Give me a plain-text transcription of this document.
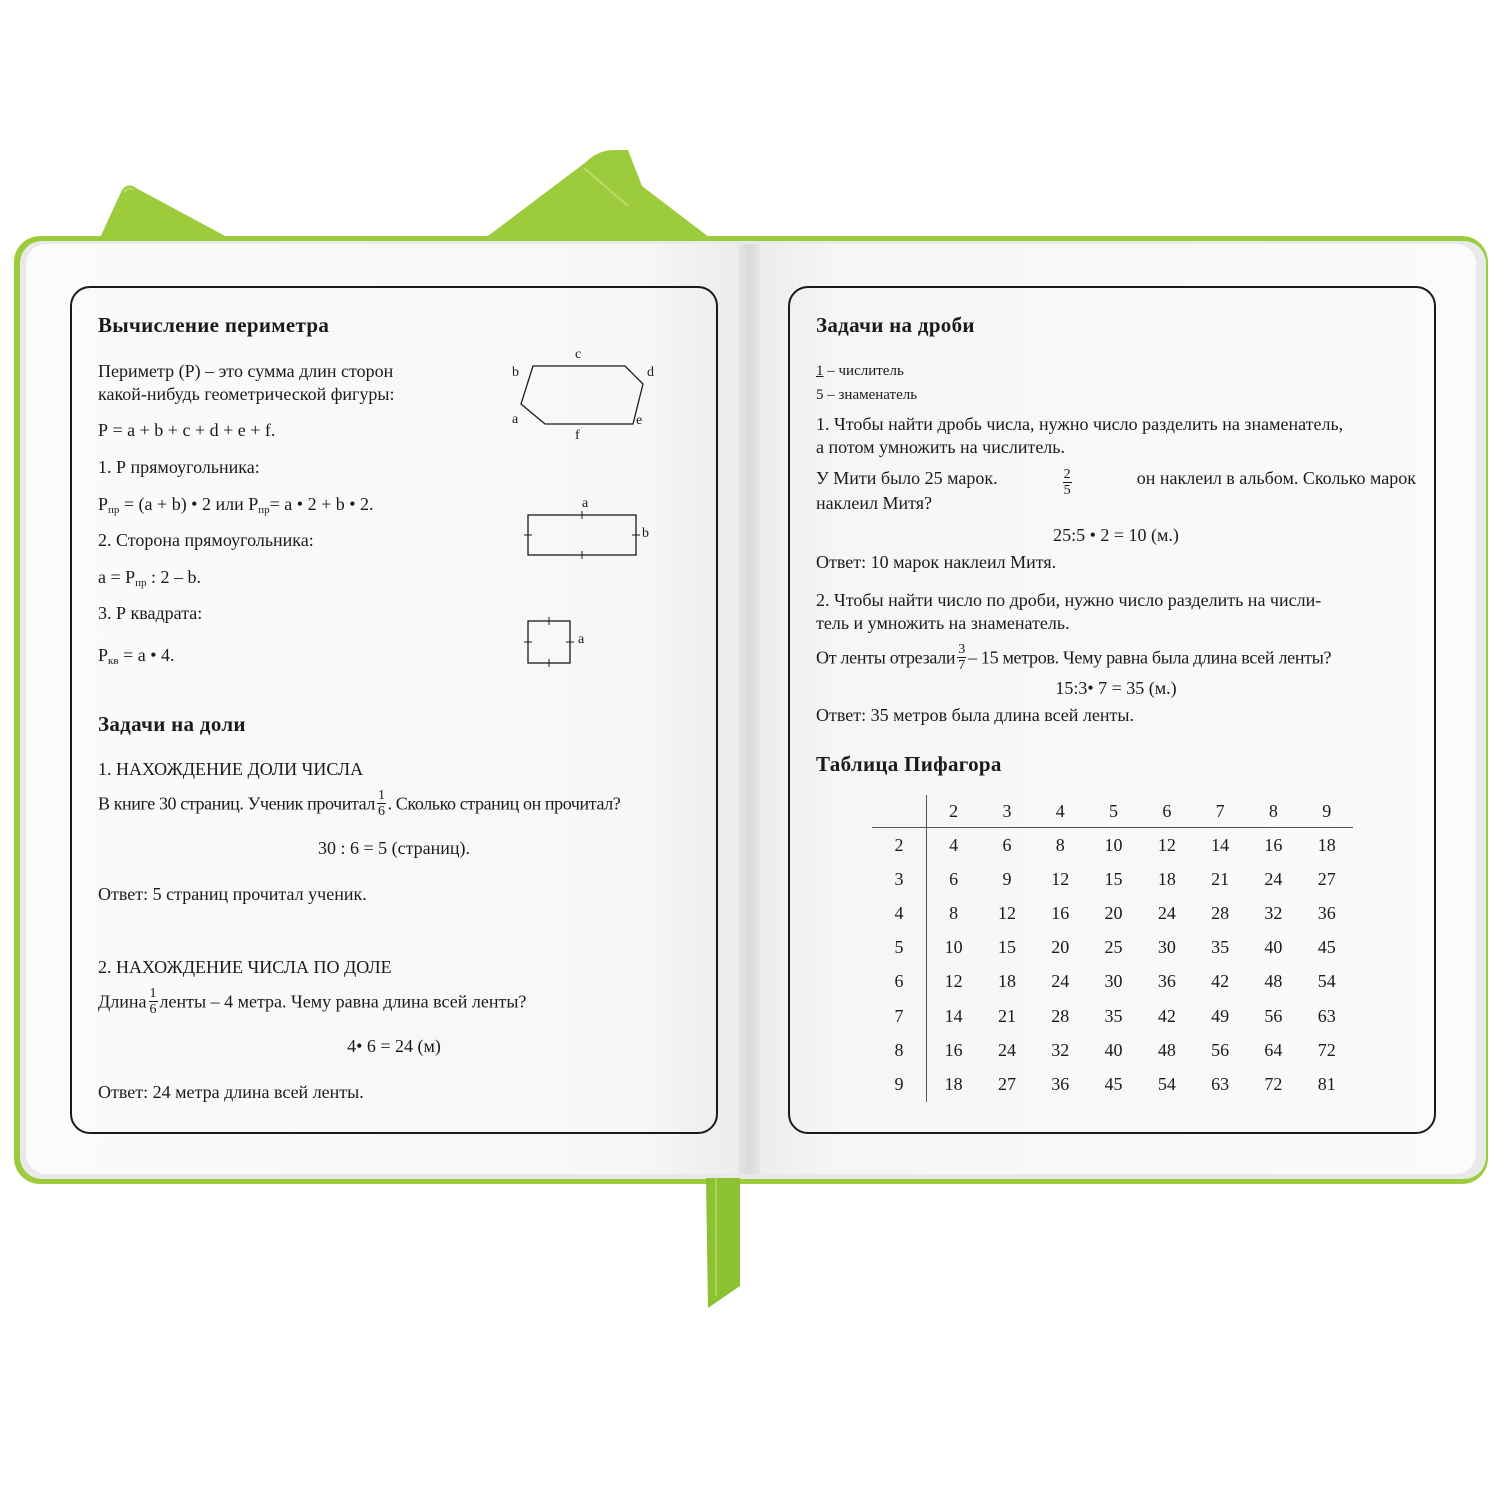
Вычисление периметра
Периметр (Р) – это сумма длин сторон
какой-нибудь геометрической фигуры:
Р = a + b + c + d + e + f.
1. Р прямоугольника:
$Р_{пр} = (a + b)$ • 2 или $Р_{пр}= a$ • 2 + b • 2.
2. Сторона прямоугольника:
$a = Р_{пр}$ : 2 – b.
3. Р квадрата:
$Р_{кв} = a$ • 4.
c
b	d
a	e
f
a
b
a
Задачи на доли
1. НАХОЖДЕНИЕ ДОЛИ ЧИСЛА
В книге 30 страниц. Ученик прочитал $\frac{1}{6}$ . Сколько страниц он прочитал?
30 : 6 = 5 (страниц).
Ответ: 5 страниц прочитал ученик.
2. НАХОЖДЕНИЕ ЧИСЛА ПО ДОЛЕ
Длина $\frac{1}{6}$ ленты – 4 метра. Чему равна длина всей ленты?
4• 6 = 24 (м)
Ответ: 24 метра длина всей ленты.
Задачи на дроби
1 – числитель
5 – знаменатель
1. Чтобы найти дробь числа, нужно число разделить на знаменатель,
а потом умножить на числитель.
У Мити было 25 марок.	$\frac{2}{5}$	он наклеил в альбом. Сколько марок
наклеил Митя?
25:5 • 2 = 10 (м.)
Ответ: 10 марок наклеил Митя.
2. Чтобы найти число по дроби, нужно число разделить на числи-
тель и умножить на знаменатель.
От ленты отрезали $\frac{3}{7} - 15$ метров. Чему равна была длина всей ленты?
15:3• 7 = 35 (м.)
Ответ: 35 метров была длина всей ленты.
Таблица Пифагора
	2	3	4	5	6	7	8	9
2	4	6	8	10	12	14	16	18
3	6	9	12	15	18	21	24	27
4	8	12	16	20	24	28	32	36
5	10	15	20	25	30	35	40	45
6	12	18	24	30	36	42	48	54
7	14	21	28	35	42	49	56	63
8	16	24	32	40	48	56	64	72
9	18	27	36	45	54	63	72	81
